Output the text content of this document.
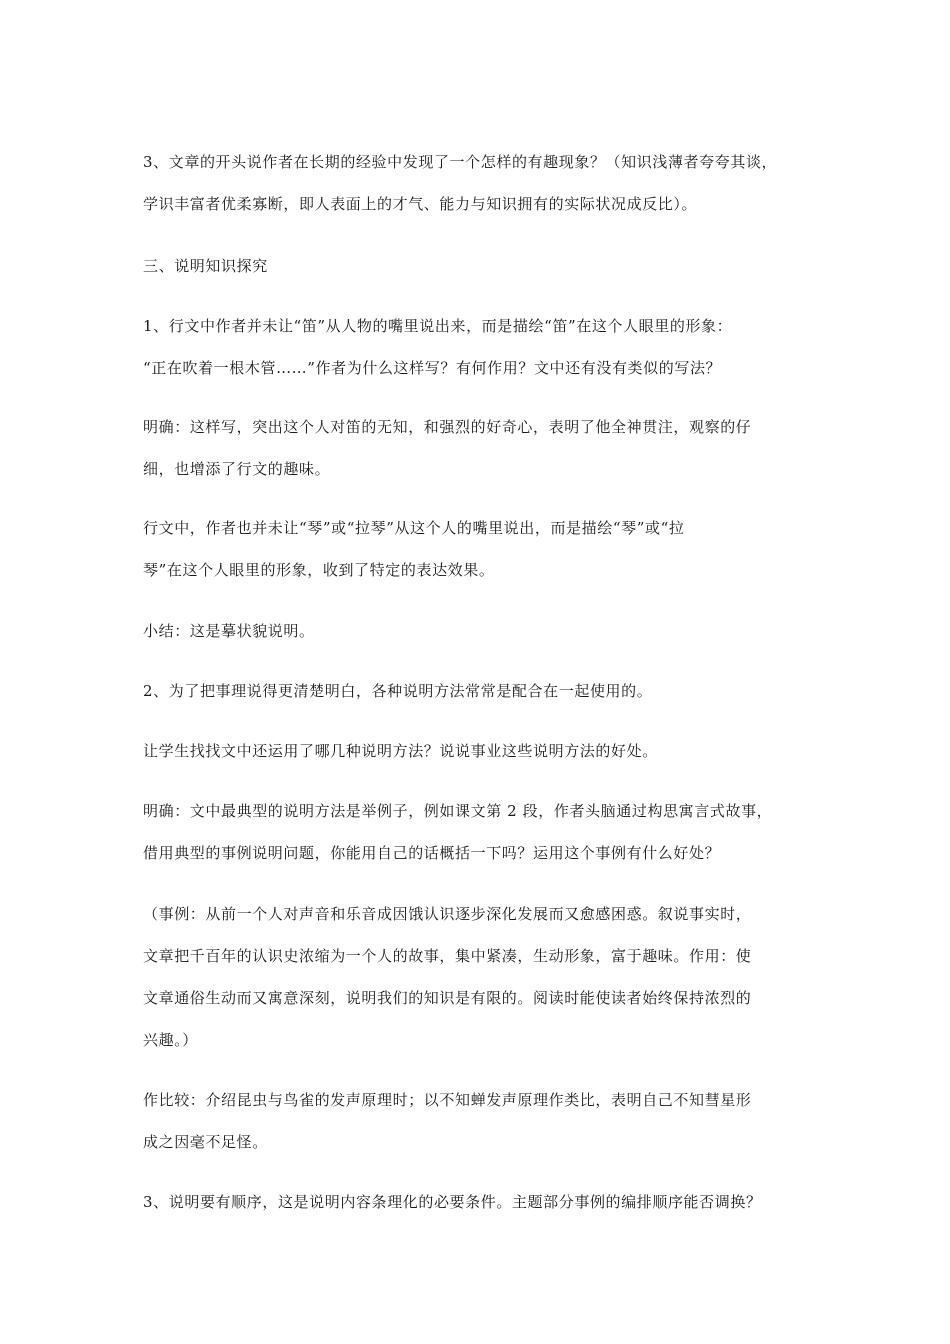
3、文章的开头说作者在长期的经验中发现了一个怎样的有趣现象？（知识浅薄者夸夸其谈，
学识丰富者优柔寡断，即人表面上的才气、能力与知识拥有的实际状况成反比）。

三、说明知识探究

1、行文中作者并未让“笛”从人物的嘴里说出来，而是描绘“笛”在这个人眼里的形象：
“正在吹着一根木管……”作者为什么这样写？有何作用？文中还有没有类似的写法？

明确：这样写，突出这个人对笛的无知，和强烈的好奇心，表明了他全神贯注，观察的仔
细，也增添了行文的趣味。

行文中，作者也并未让“琴”或“拉琴”从这个人的嘴里说出，而是描绘“琴”或“拉
琴”在这个人眼里的形象，收到了特定的表达效果。

小结：这是摹状貌说明。

2、为了把事理说得更清楚明白，各种说明方法常常是配合在一起使用的。

让学生找找文中还运用了哪几种说明方法？说说事业这些说明方法的好处。

明确：文中最典型的说明方法是举例子，例如课文第 2 段，作者头脑通过构思寓言式故事，
借用典型的事例说明问题，你能用自己的话概括一下吗？运用这个事例有什么好处？

（事例：从前一个人对声音和乐音成因饿认识逐步深化发展而又愈感困惑。叙说事实时，
文章把千百年的认识史浓缩为一个人的故事，集中紧凑，生动形象，富于趣味。作用：使
文章通俗生动而又寓意深刻，说明我们的知识是有限的。阅读时能使读者始终保持浓烈的
兴趣。）

作比较：介绍昆虫与鸟雀的发声原理时；以不知蝉发声原理作类比，表明自己不知彗星形
成之因毫不足怪。

3、说明要有顺序，这是说明内容条理化的必要条件。主题部分事例的编排顺序能否调换？
